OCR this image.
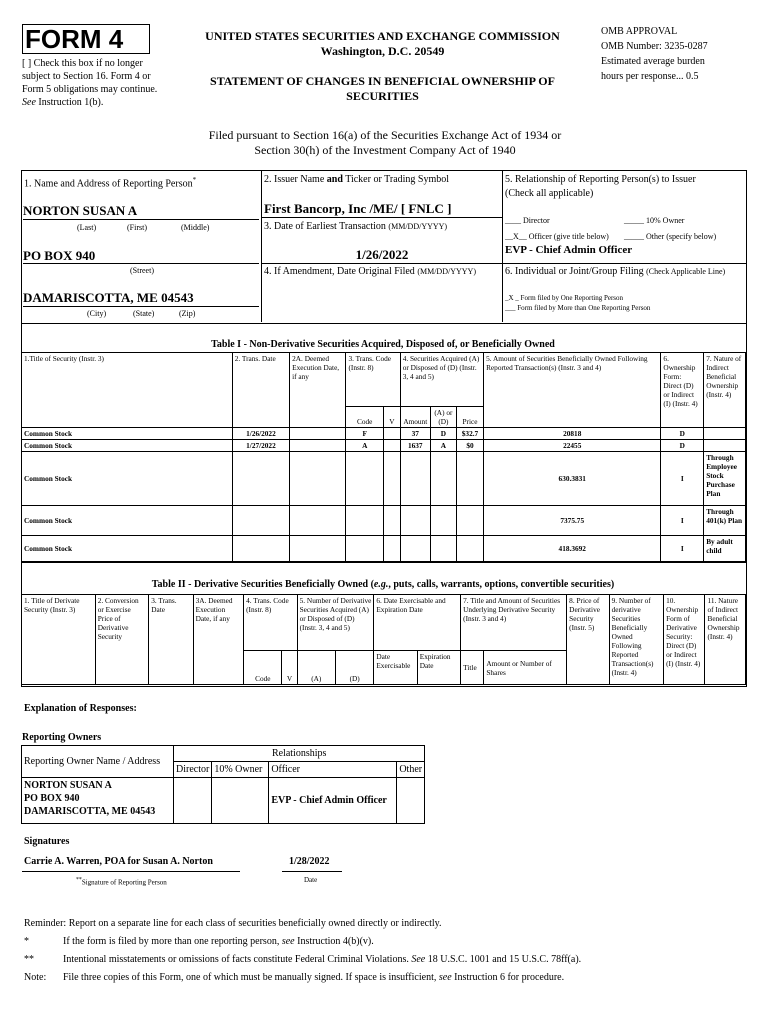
FORM 4
[ ] Check this box if no longer subject to Section 16. Form 4 or Form 5 obligations may continue. See Instruction 1(b).
UNITED STATES SECURITIES AND EXCHANGE COMMISSION
Washington, D.C. 20549
STATEMENT OF CHANGES IN BENEFICIAL OWNERSHIP OF SECURITIES
OMB APPROVAL
OMB Number: 3235-0287
Estimated average burden
hours per response... 0.5
Filed pursuant to Section 16(a) of the Securities Exchange Act of 1934 or
Section 30(h) of the Investment Company Act of 1940
1. Name and Address of Reporting Person*
NORTON SUSAN A
(Last)	(First)	(Middle)
PO BOX 940
(Street)
DAMARISCOTTA, ME 04543
(City)	(State)	(Zip)
2. Issuer Name and Ticker or Trading Symbol
First Bancorp, Inc /ME/ [ FNLC ]
3. Date of Earliest Transaction (MM/DD/YYYY)
1/26/2022
4. If Amendment, Date Original Filed (MM/DD/YYYY)
5. Relationship of Reporting Person(s) to Issuer
(Check all applicable)
____ Director	_____ 10% Owner
__X__ Officer (give title below) _____ Other (specify below)
EVP - Chief Admin Officer
6. Individual or Joint/Group Filing (Check Applicable Line)
_X _ Form filed by One Reporting Person
___ Form filed by More than One Reporting Person
Table I - Non-Derivative Securities Acquired, Disposed of, or Beneficially Owned
1.Title of Security (Instr. 3)	2. Trans. Date	2A. Deemed Execution Date, if any	3. Trans. Code (Instr. 8)		4. Securities Acquired (A) or Disposed of (D) (Instr. 3, 4 and 5)			5. Amount of Securities Beneficially Owned Following Reported Transaction(s) (Instr. 3 and 4)	6. Ownership Form: Direct (D) or Indirect (I) (Instr. 4)	7. Nature of Indirect Beneficial Ownership (Instr. 4)
			Code	V	Amount	(A) or (D)	Price			
Common Stock	1/26/2022		F		37	D	$32.7	20818	D	
Common Stock	1/27/2022		A		1637	A	$0	22455	D	
Common Stock								630.3831	I	Through Employee Stock Purchase Plan
Common Stock								7375.75	I	Through 401(k) Plan
Common Stock								418.3692	I	By adult child
Table II - Derivative Securities Beneficially Owned (e.g., puts, calls, warrants, options, convertible securities)
1. Title of Derivate Security (Instr. 3)	2. Conversion or Exercise Price of Derivative Security	3. Trans. Date	3A. Deemed Execution Date, if any	4. Trans. Code (Instr. 8)		5. Number of Derivative Securities Acquired (A) or Disposed of (D) (Instr. 3, 4 and 5)		6. Date Exercisable and Expiration Date		7. Title and Amount of Securities Underlying Derivative Security (Instr. 3 and 4)		8. Price of Derivative Security (Instr. 5)	9. Number of derivative Securities Beneficially Owned Following Reported Transaction(s) (Instr. 4)	10. Ownership Form of Derivative Security: Direct (D) or Indirect (I) (Instr. 4)	11. Nature of Indirect Beneficial Ownership (Instr. 4)
				Code	V	(A)	(D)	Date Exercisable	Expiration Date	Title	Amount or Number of Shares				
Explanation of Responses:
Reporting Owners
Reporting Owner Name / Address	Relationships			
	Director	10% Owner	Officer	Other

NORTON SUSAN A
PO BOX 940
DAMARISCOTTA, ME 04543			EVP - Chief Admin Officer	
Signatures
Carrie A. Warren, POA for Susan A. Norton	1/28/2022
**Signature of Reporting Person	Date
Reminder: Report on a separate line for each class of securities beneficially owned directly or indirectly.
*	If the form is filed by more than one reporting person, see Instruction 4(b)(v).
**	Intentional misstatements or omissions of facts constitute Federal Criminal Violations. See 18 U.S.C. 1001 and 15 U.S.C. 78ff(a).
Note: File three copies of this Form, one of which must be manually signed. If space is insufficient, see Instruction 6 for procedure.
